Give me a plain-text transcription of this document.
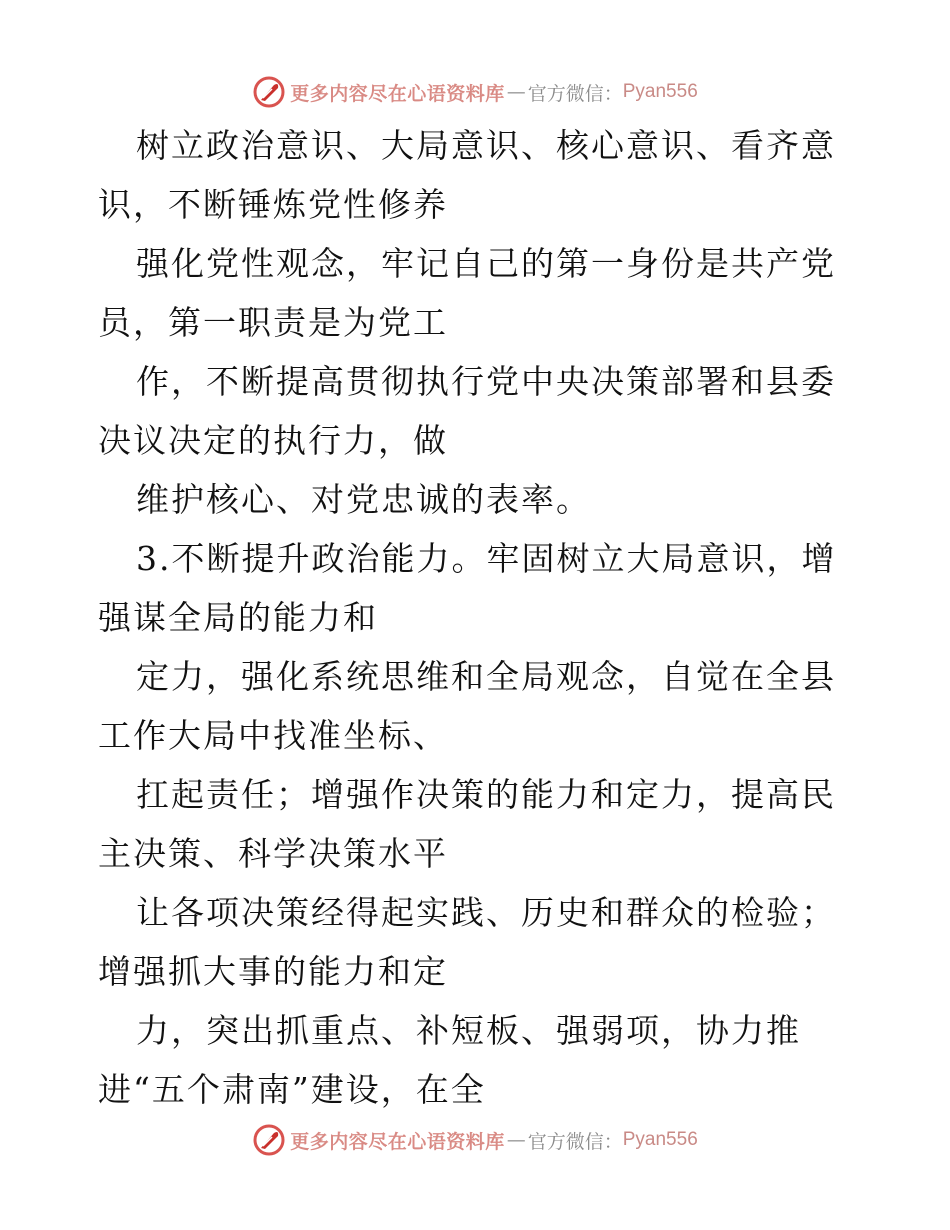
更多内容尽在心语资料库 — 官方微信： Pyan556

树立政治意识、大局意识、核心意识、看齐意识，不断锤炼党性修养

强化党性观念，牢记自己的第一身份是共产党员，第一职责是为党工

作，不断提高贯彻执行党中央决策部署和县委决议决定的执行力，做

维护核心、对党忠诚的表率。

3.不断提升政治能力。牢固树立大局意识，增强谋全局的能力和

定力，强化系统思维和全局观念，自觉在全县工作大局中找准坐标、

扛起责任；增强作决策的能力和定力，提高民主决策、科学决策水平

让各项决策经得起实践、历史和群众的检验；增强抓大事的能力和定

力，突出抓重点、补短板、强弱项，协力推进“五个肃南”建设，在全

更多内容尽在心语资料库 — 官方微信： Pyan556
